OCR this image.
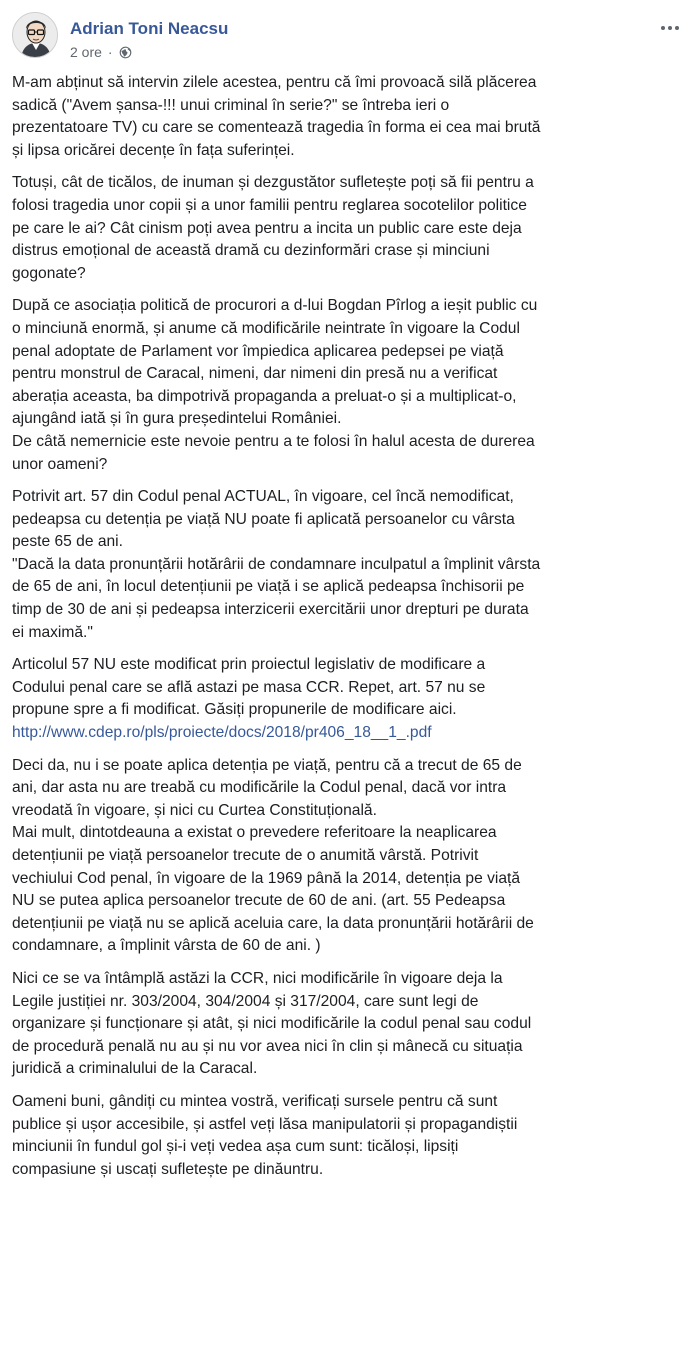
Adrian Toni Neacsu
2 ore ·
M-am abținut să intervin zilele acestea, pentru că îmi provoacă silă plăcerea
sadică ("Avem șansa-!!! unui criminal în serie?" se întreba ieri o
prezentatoare TV) cu care se comentează tragedia în forma ei cea mai brută
și lipsa oricărei decențe în fața suferinței.
Totuși, cât de ticălos, de inuman și dezgustător sufletește poți să fii pentru a
folosi tragedia unor copii și a unor familii pentru reglarea socotelilor politice
pe care le ai? Cât cinism poți avea pentru a incita un public care este deja
distrus emoțional de această dramă cu dezinformări crase și minciuni
gogonate?
După ce asociația politică de procurori a d-lui Bogdan Pîrlog a ieșit public cu
o minciună enormă, și anume că modificările neintrate în vigoare la Codul
penal adoptate de Parlament vor împiedica aplicarea pedepsei pe viață
pentru monstrul de Caracal, nimeni, dar nimeni din presă nu a verificat
aberația aceasta, ba dimpotrivă propaganda a preluat-o și a multiplicat-o,
ajungând iată și în gura președintelui României.
De câtă nemernicie este nevoie pentru a te folosi în halul acesta de durerea
unor oameni?
Potrivit art. 57 din Codul penal ACTUAL, în vigoare, cel încă nemodificat,
pedeapsa cu detenția pe viață NU poate fi aplicată persoanelor cu vârsta
peste 65 de ani.
"Dacă la data pronunțării hotărârii de condamnare inculpatul a împlinit vârsta
de 65 de ani, în locul detențiunii pe viață i se aplică pedeapsa închisorii pe
timp de 30 de ani și pedeapsa interzicerii exercitării unor drepturi pe durata
ei maximă."
Articolul 57 NU este modificat prin proiectul legislativ de modificare a
Codului penal care se află astazi pe masa CCR. Repet, art. 57 nu se
propune spre a fi modificat. Găsiți propunerile de modificare aici.
http://www.cdep.ro/pls/proiecte/docs/2018/pr406_18__1_.pdf
Deci da, nu i se poate aplica detenția pe viață, pentru că a trecut de 65 de
ani, dar asta nu are treabă cu modificările la Codul penal, dacă vor intra
vreodată în vigoare, și nici cu Curtea Constituțională.
Mai mult, dintotdeauna a existat o prevedere referitoare la neaplicarea
detențiunii pe viață persoanelor trecute de o anumită vârstă. Potrivit
vechiului Cod penal, în vigoare de la 1969 până la 2014, detenția pe viață
NU se putea aplica persoanelor trecute de 60 de ani. (art. 55 Pedeapsa
detențiunii pe viață nu se aplică aceluia care, la data pronunțării hotărârii de
condamnare, a împlinit vârsta de 60 de ani. )
Nici ce se va întâmplă astăzi la CCR, nici modificările în vigoare deja la
Legile justiției nr. 303/2004, 304/2004 și 317/2004, care sunt legi de
organizare și funcționare și atât, și nici modificările la codul penal sau codul
de procedură penală nu au și nu vor avea nici în clin și mânecă cu situația
juridică a criminalului de la Caracal.
Oameni buni, gândiți cu mintea vostră, verificați sursele pentru că sunt
publice și ușor accesibile, și astfel veți lăsa manipulatorii și propagandiștii
minciunii în fundul gol și-i veți vedea așa cum sunt: ticăloși, lipsiți
compasiune și uscați sufletește pe dinăuntru.
